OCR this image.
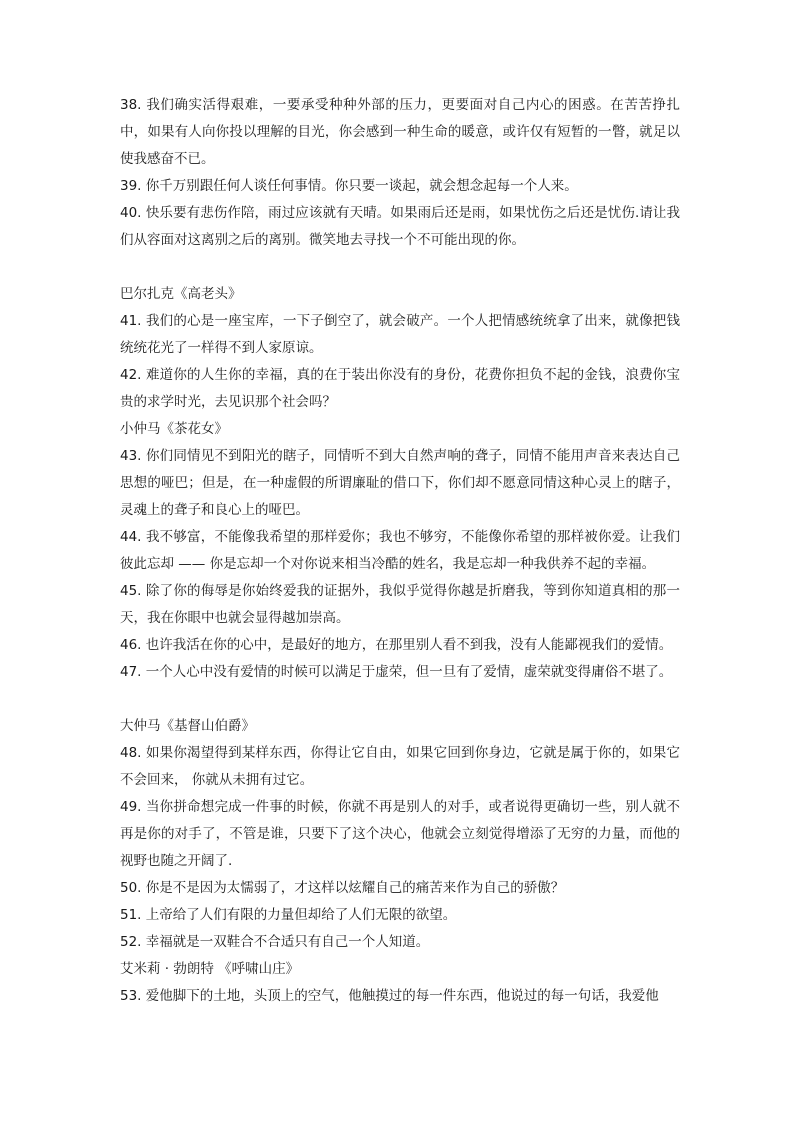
38. 我们确实活得艰难，一要承受种种外部的压力，更要面对自己内心的困惑。在苦苦挣扎中，如果有人向你投以理解的目光，你会感到一种生命的暖意，或许仅有短暂的一瞥，就足以使我感奋不已。

39. 你千万别跟任何人谈任何事情。你只要一谈起，就会想念起每一个人来。

40. 快乐要有悲伤作陪，雨过应该就有天晴。如果雨后还是雨，如果忧伤之后还是忧伤.请让我们从容面对这离别之后的离别。微笑地去寻找一个不可能出现的你。

巴尔扎克《高老头》

41. 我们的心是一座宝库，一下子倒空了，就会破产。一个人把情感统统拿了出来，就像把钱统统花光了一样得不到人家原谅。

42. 难道你的人生你的幸福，真的在于装出你没有的身份，花费你担负不起的金钱，浪费你宝贵的求学时光，去见识那个社会吗？

小仲马《茶花女》

43. 你们同情见不到阳光的瞎子，同情听不到大自然声响的聋子，同情不能用声音来表达自己思想的哑巴；但是，在一种虚假的所谓廉耻的借口下，你们却不愿意同情这种心灵上的瞎子，灵魂上的聋子和良心上的哑巴。

44. 我不够富，不能像我希望的那样爱你；我也不够穷，不能像你希望的那样被你爱。让我们彼此忘却 —— 你是忘却一个对你说来相当冷酷的姓名，我是忘却一种我供养不起的幸福。

45. 除了你的侮辱是你始终爱我的证据外，我似乎觉得你越是折磨我，等到你知道真相的那一天，我在你眼中也就会显得越加崇高。

46. 也许我活在你的心中，是最好的地方，在那里别人看不到我，没有人能鄙视我们的爱情。

47. 一个人心中没有爱情的时候可以满足于虚荣，但一旦有了爱情，虚荣就变得庸俗不堪了。

大仲马《基督山伯爵》

48. 如果你渴望得到某样东西，你得让它自由，如果它回到你身边，它就是属于你的，如果它不会回来， 你就从未拥有过它。

49. 当你拼命想完成一件事的时候，你就不再是别人的对手，或者说得更确切一些，别人就不再是你的对手了，不管是谁，只要下了这个决心，他就会立刻觉得增添了无穷的力量，而他的视野也随之开阔了.

50. 你是不是因为太懦弱了，才这样以炫耀自己的痛苦来作为自己的骄傲？

51. 上帝给了人们有限的力量但却给了人们无限的欲望。

52. 幸福就是一双鞋合不合适只有自己一个人知道。

艾米莉 · 勃朗特 《呼啸山庄》

53. 爱他脚下的土地，头顶上的空气，他触摸过的每一件东西，他说过的每一句话，我爱他
